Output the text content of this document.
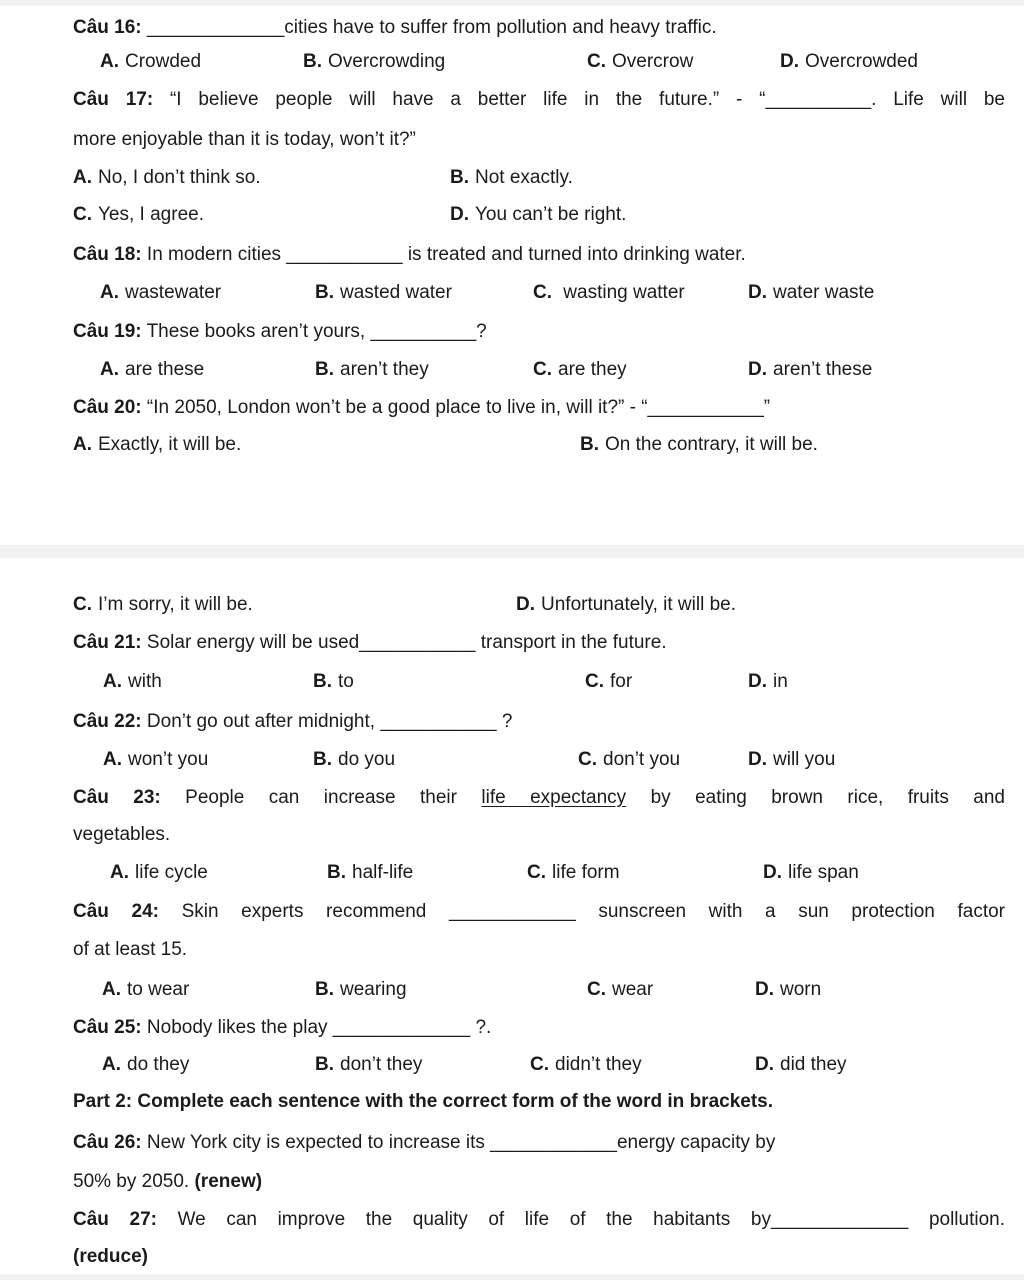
Câu 16: _____________cities have to suffer from pollution and heavy traffic.
A. Crowded	B. Overcrowding	C. Overcrow	D. Overcrowded
Câu 17: “I believe people will have a better life in the future.” - “__________. Life will be
more enjoyable than it is today, won’t it?”
A. No, I don’t think so.	B. Not exactly.
C. Yes, I agree.	D. You can’t be right.
Câu 18: In modern cities ___________ is treated and turned into drinking water.
A. wastewater	B. wasted water	C. wasting watter	D. water waste
Câu 19: These books aren’t yours, __________?
A. are these	B. aren’t they	C. are they	D. aren’t these
Câu 20: “In 2050, London won’t be a good place to live in, will it?” - “___________”
A. Exactly, it will be.	B. On the contrary, it will be.
C. I’m sorry, it will be.	D. Unfortunately, it will be.
Câu 21: Solar energy will be used___________ transport in the future.
A. with	B. to	C. for	D. in
Câu 22: Don’t go out after midnight, ___________ ?
A. won’t you	B. do you	C. don’t you	D. will you
Câu 23: People can increase their life expectancy by eating brown rice, fruits and
vegetables.
A. life cycle	B. half-life	C. life form	D. life span
Câu 24: Skin experts recommend ____________ sunscreen with a sun protection factor
of at least 15.
A. to wear	B. wearing	C. wear	D. worn
Câu 25: Nobody likes the play _____________ ?.
A. do they	B. don’t they	C. didn’t they	D. did they
Part 2: Complete each sentence with the correct form of the word in brackets.
Câu 26: New York city is expected to increase its ____________energy capacity by
50% by 2050. (renew)
Câu 27: We can improve the quality of life of the habitants by_____________ pollution.
(reduce)
